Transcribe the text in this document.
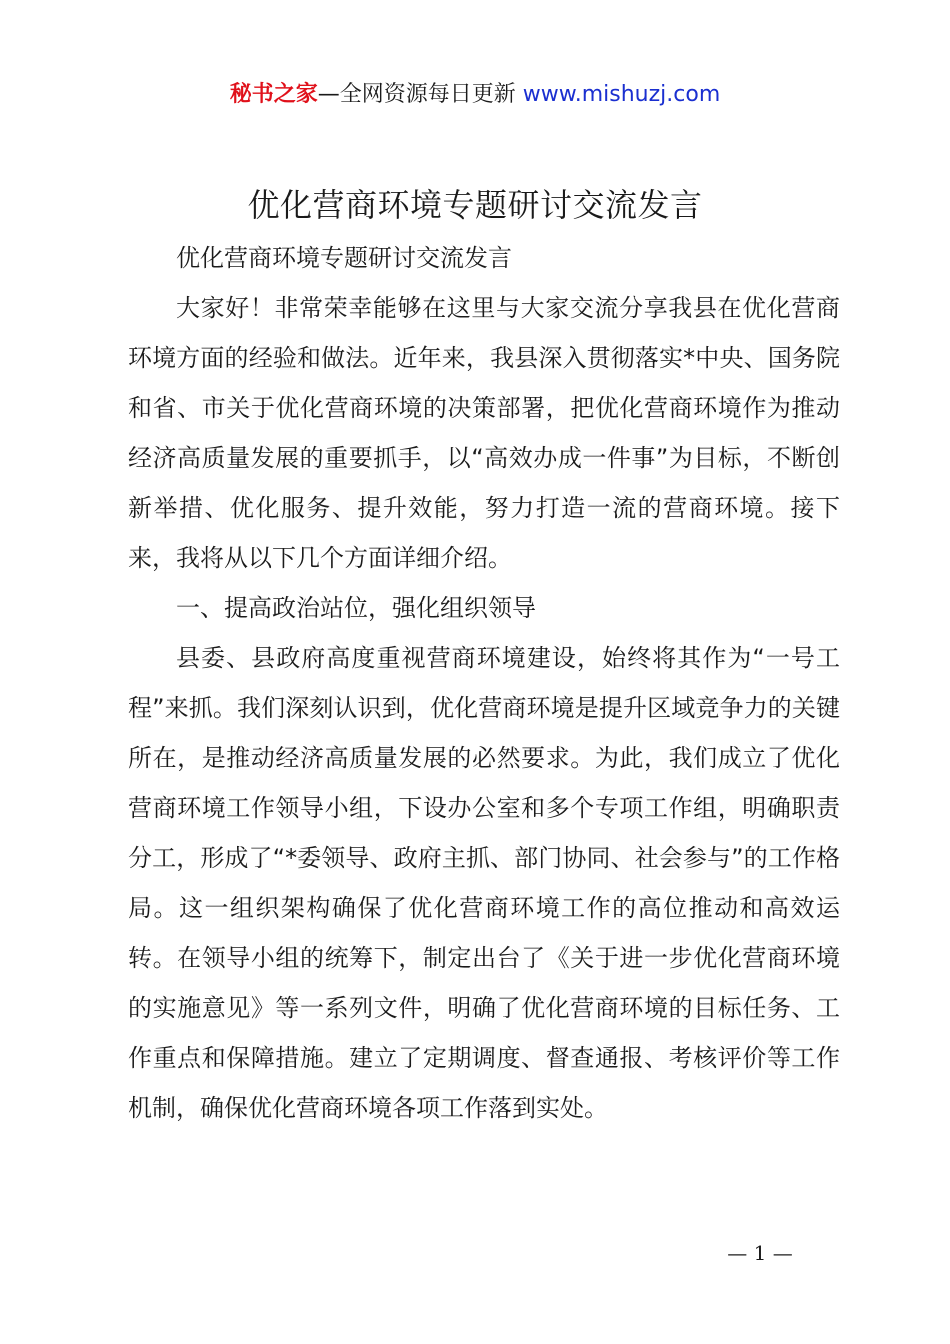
秘书之家—全网资源每日更新 www.mishuzj.com
优化营商环境专题研讨交流发言

优化营商环境专题研讨交流发言

大家好！非常荣幸能够在这里与大家交流分享我县在优化营商环境方面的经验和做法。近年来，我县深入贯彻落实*中央、国务院和省、市关于优化营商环境的决策部署，把优化营商环境作为推动经济高质量发展的重要抓手，以“高效办成一件事”为目标，不断创新举措、优化服务、提升效能，努力打造一流的营商环境。接下来，我将从以下几个方面详细介绍。

一、提高政治站位，强化组织领导

县委、县政府高度重视营商环境建设，始终将其作为“一号工程”来抓。我们深刻认识到，优化营商环境是提升区域竞争力的关键所在，是推动经济高质量发展的必然要求。为此，我们成立了优化营商环境工作领导小组，下设办公室和多个专项工作组，明确职责分工，形成了“*委领导、政府主抓、部门协同、社会参与”的工作格局。这一组织架构确保了优化营商环境工作的高位推动和高效运转。在领导小组的统筹下，制定出台了《关于进一步优化营商环境的实施意见》等一系列文件，明确了优化营商环境的目标任务、工作重点和保障措施。建立了定期调度、督查通报、考核评价等工作机制，确保优化营商环境各项工作落到实处。

— 1 —
